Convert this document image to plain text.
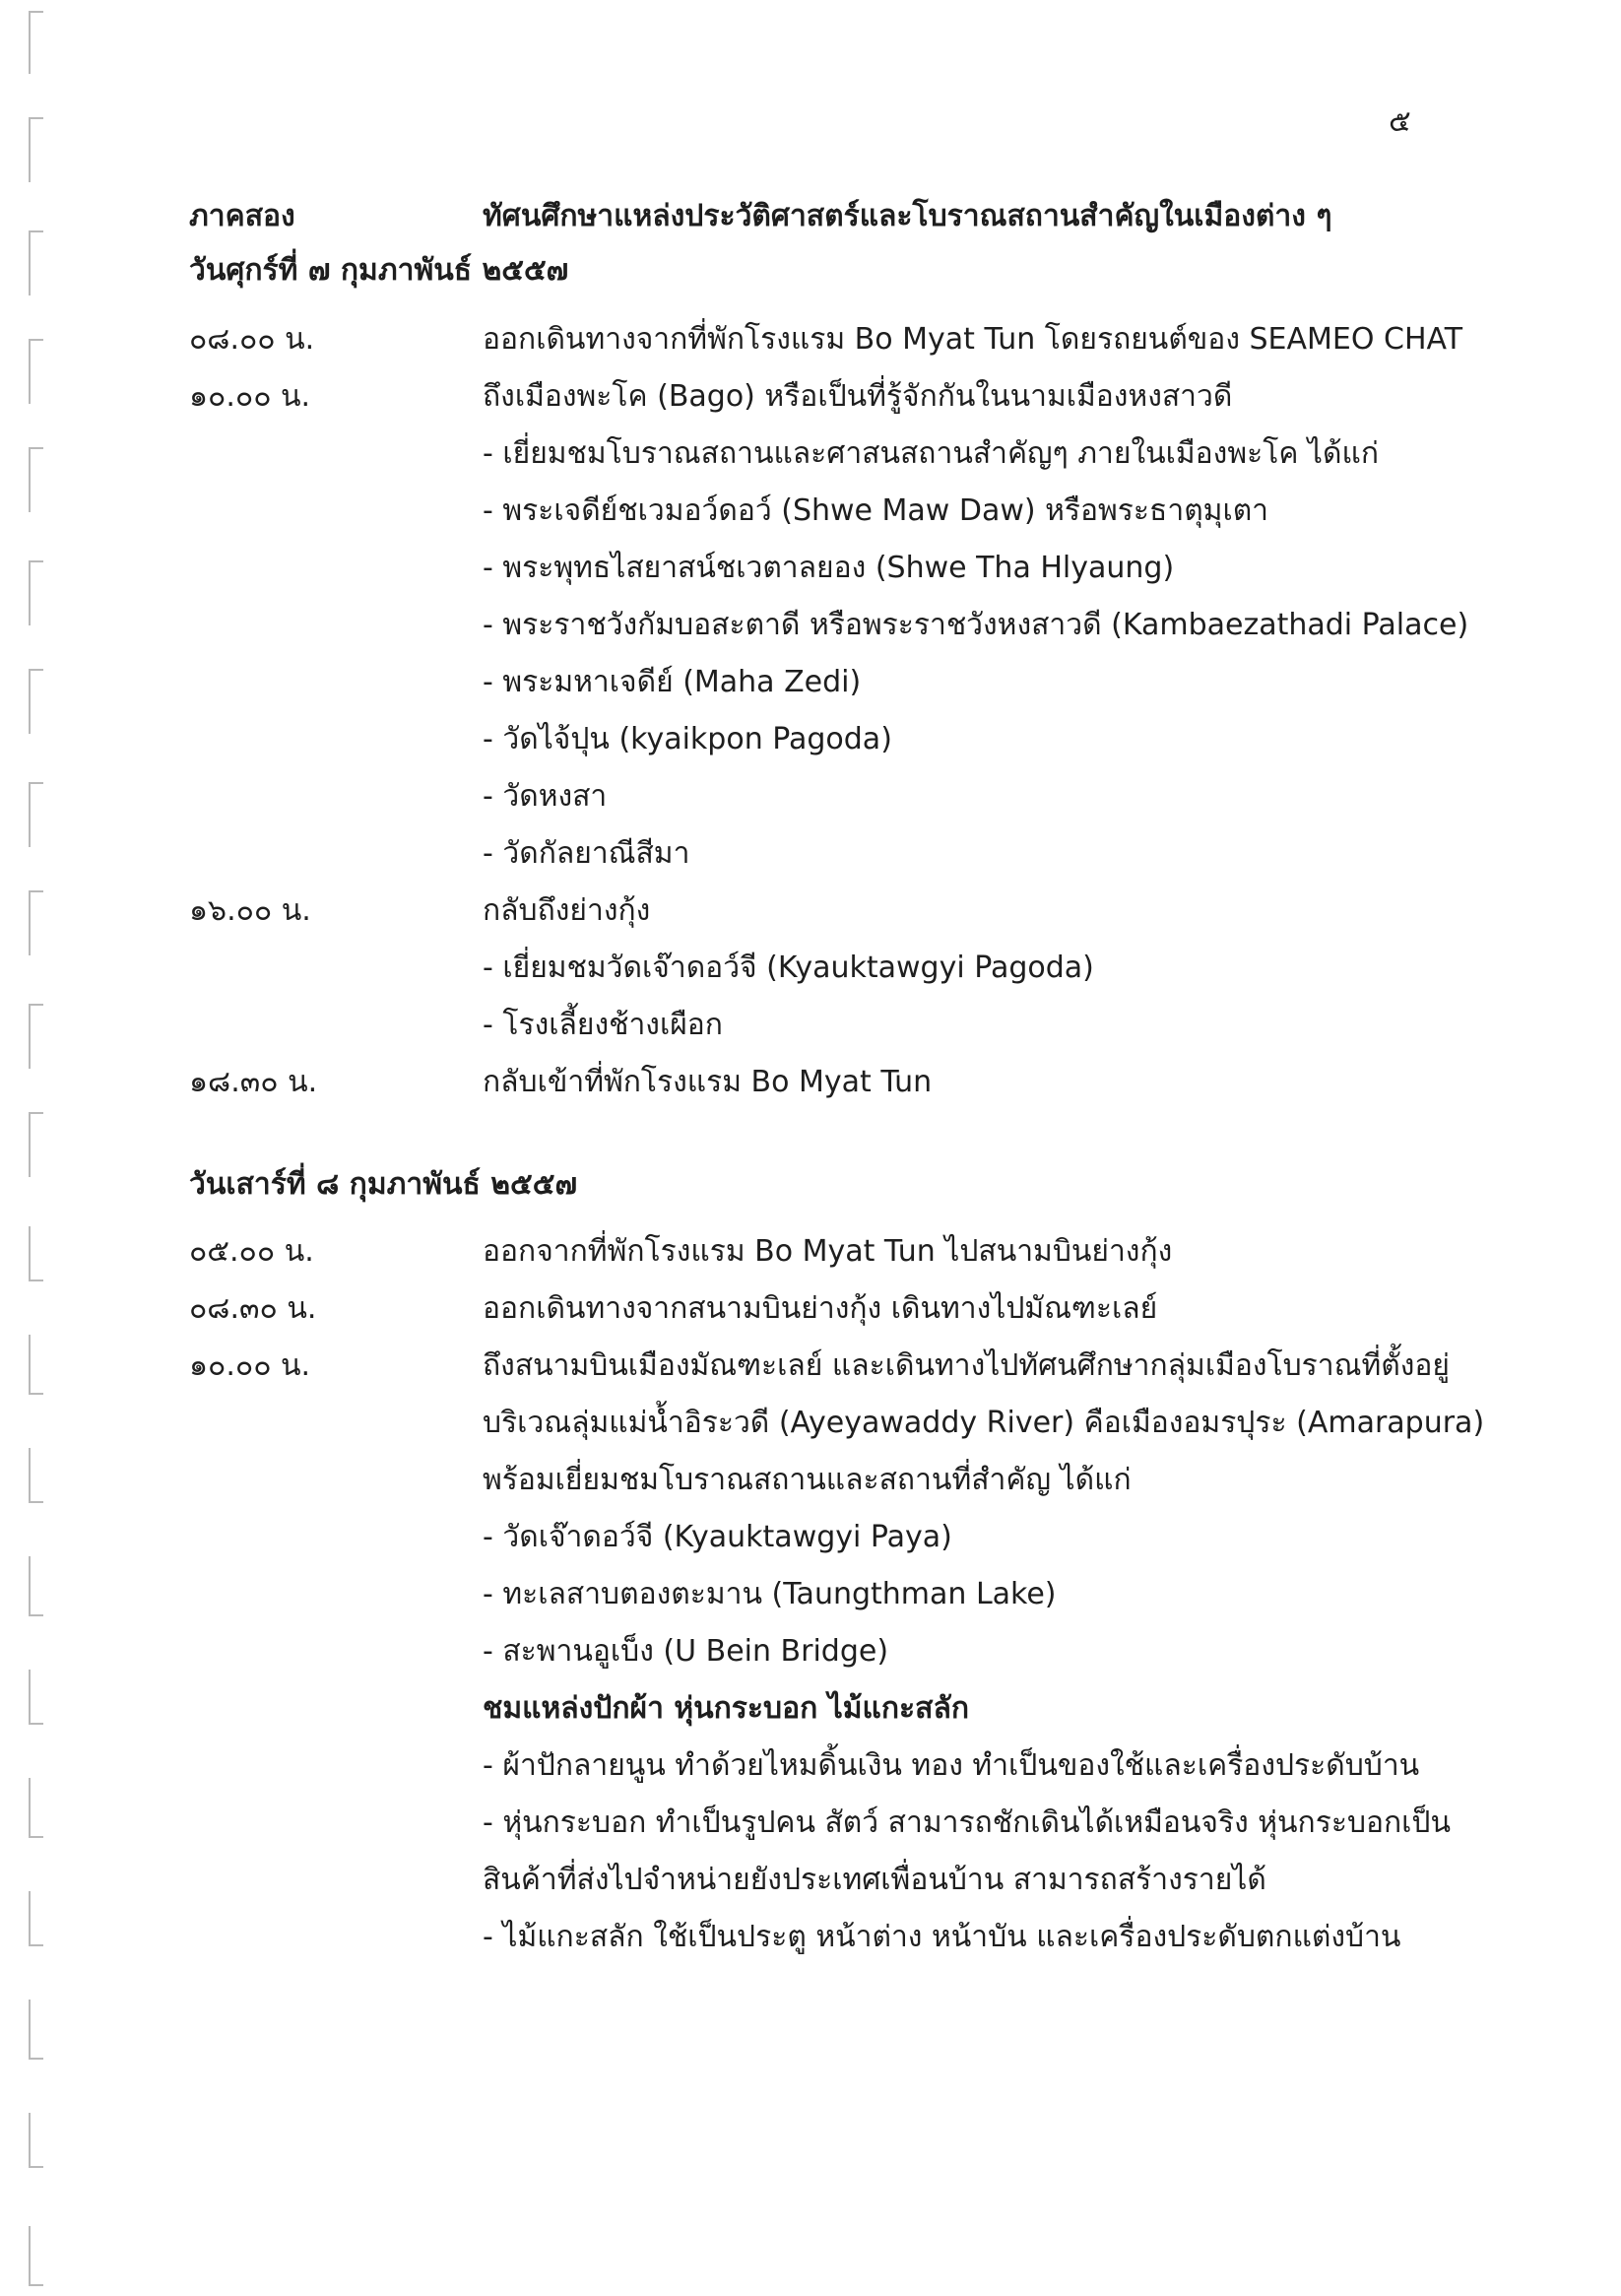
๕
ภาคสอง	ทัศนศึกษาแหล่งประวัติศาสตร์และโบราณสถานสำคัญในเมืองต่าง ๆ
วันศุกร์ที่ ๗ กุมภาพันธ์ ๒๕๕๗
๐๘.๐๐ น.	ออกเดินทางจากที่พักโรงแรม Bo Myat Tun โดยรถยนต์ของ SEAMEO CHAT
๑๐.๐๐ น.	ถึงเมืองพะโค (Bago) หรือเป็นที่รู้จักกันในนามเมืองหงสาวดี
- เยี่ยมชมโบราณสถานและศาสนสถานสำคัญๆ ภายในเมืองพะโค ได้แก่
- พระเจดีย์ชเวมอว์ดอว์ (Shwe Maw Daw) หรือพระธาตุมุเตา
- พระพุทธไสยาสน์ชเวตาลยอง (Shwe Tha Hlyaung)
- พระราชวังกัมบอสะตาดี หรือพระราชวังหงสาวดี (Kambaezathadi Palace)
- พระมหาเจดีย์ (Maha Zedi)
- วัดไจ้ปุน (kyaikpon Pagoda)
- วัดหงสา
- วัดกัลยาณีสีมา
๑๖.๐๐ น.	กลับถึงย่างกุ้ง
- เยี่ยมชมวัดเจ๊าดอว์จี (Kyauktawgyi Pagoda)
- โรงเลี้ยงช้างเผือก
๑๘.๓๐ น.	กลับเข้าที่พักโรงแรม Bo Myat Tun
วันเสาร์ที่ ๘ กุมภาพันธ์ ๒๕๕๗
๐๕.๐๐ น.	ออกจากที่พักโรงแรม Bo Myat Tun ไปสนามบินย่างกุ้ง
๐๘.๓๐ น.	ออกเดินทางจากสนามบินย่างกุ้ง เดินทางไปมัณฑะเลย์
๑๐.๐๐ น.	ถึงสนามบินเมืองมัณฑะเลย์ และเดินทางไปทัศนศึกษากลุ่มเมืองโบราณที่ตั้งอยู่
บริเวณลุ่มแม่น้ำอิระวดี (Ayeyawaddy River) คือเมืองอมรปุระ (Amarapura)
พร้อมเยี่ยมชมโบราณสถานและสถานที่สำคัญ ได้แก่
- วัดเจ๊าดอว์จี (Kyauktawgyi Paya)
- ทะเลสาบตองตะมาน (Taungthman Lake)
- สะพานอูเบ็ง (U Bein Bridge)
ชมแหล่งปักผ้า หุ่นกระบอก ไม้แกะสลัก
- ผ้าปักลายนูน ทำด้วยไหมดิ้นเงิน ทอง ทำเป็นของใช้และเครื่องประดับบ้าน
- หุ่นกระบอก ทำเป็นรูปคน สัตว์ สามารถชักเดินได้เหมือนจริง หุ่นกระบอกเป็น
สินค้าที่ส่งไปจำหน่ายยังประเทศเพื่อนบ้าน สามารถสร้างรายได้
- ไม้แกะสลัก ใช้เป็นประตู หน้าต่าง หน้าบัน และเครื่องประดับตกแต่งบ้าน
